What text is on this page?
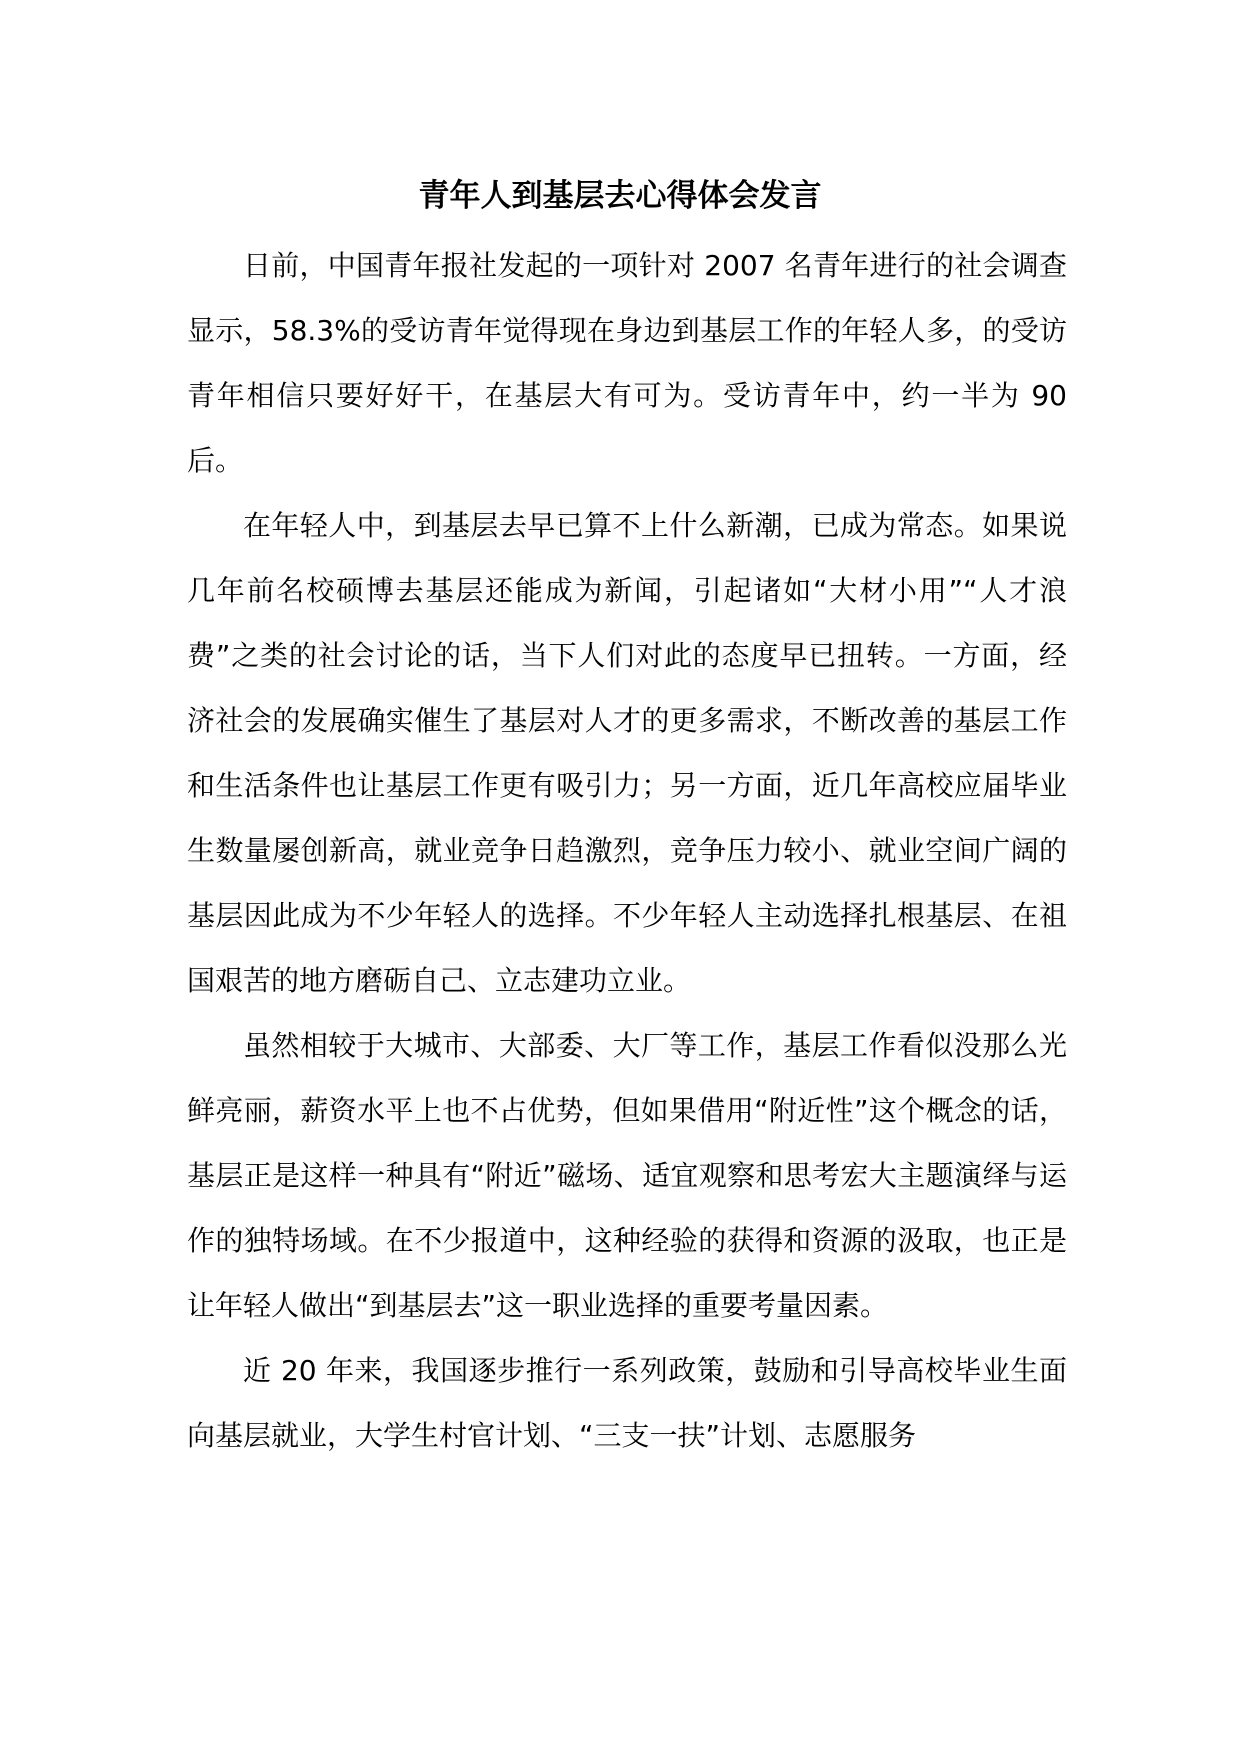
青年人到基层去心得体会发言

日前，中国青年报社发起的一项针对 2007 名青年进行的社会调查显示，58.3%的受访青年觉得现在身边到基层工作的年轻人多，的受访青年相信只要好好干，在基层大有可为。受访青年中，约一半为 90 后。

在年轻人中，到基层去早已算不上什么新潮，已成为常态。如果说几年前名校硕博去基层还能成为新闻，引起诸如“大材小用”“人才浪费”之类的社会讨论的话，当下人们对此的态度早已扭转。一方面，经济社会的发展确实催生了基层对人才的更多需求，不断改善的基层工作和生活条件也让基层工作更有吸引力；另一方面，近几年高校应届毕业生数量屡创新高，就业竞争日趋激烈，竞争压力较小、就业空间广阔的基层因此成为不少年轻人的选择。不少年轻人主动选择扎根基层、在祖国艰苦的地方磨砺自己、立志建功立业。

虽然相较于大城市、大部委、大厂等工作，基层工作看似没那么光鲜亮丽，薪资水平上也不占优势，但如果借用“附近性”这个概念的话，基层正是这样一种具有“附近”磁场、适宜观察和思考宏大主题演绎与运作的独特场域。在不少报道中，这种经验的获得和资源的汲取，也正是让年轻人做出“到基层去”这一职业选择的重要考量因素。

近 20 年来，我国逐步推行一系列政策，鼓励和引导高校毕业生面向基层就业，大学生村官计划、“三支一扶”计划、志愿服务
